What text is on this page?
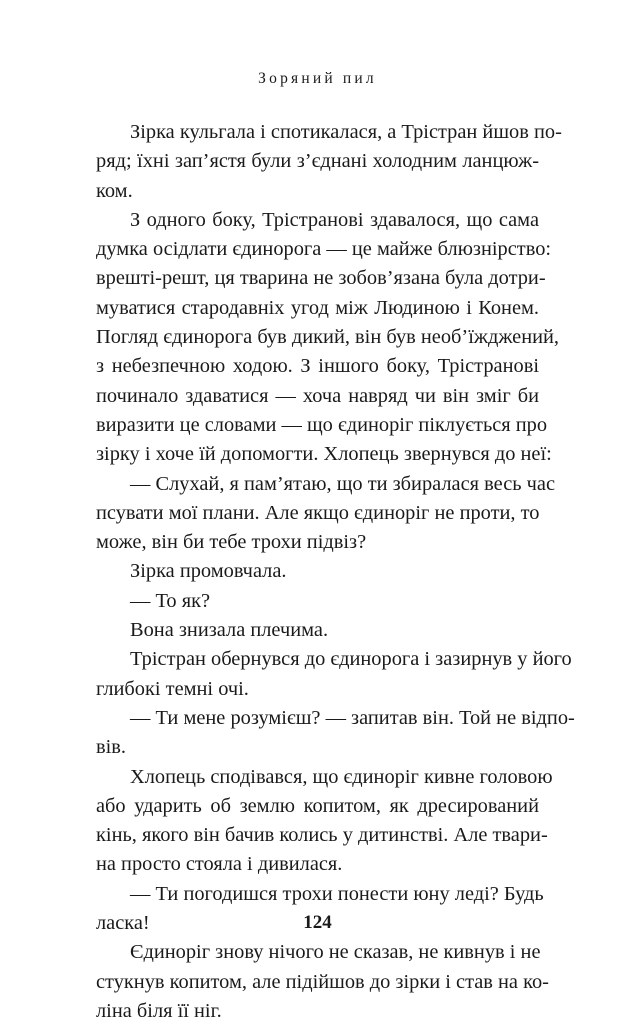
Зоряний пил

Зірка кульгала і спотикалася, а Трістран йшов по-
ряд; їхні зап’ястя були з’єднані холодним ланцюж-
ком.

З одного боку, Трістранові здавалося, що сама
думка осідлати єдинорога — це майже блюзнірство:
врешті-решт, ця тварина не зобов’язана була дотри-
муватися стародавніх угод між Людиною і Конем.
Погляд єдинорога був дикий, він був необ’їжджений,
з небезпечною ходою. З іншого боку, Трістранові
починало здаватися — хоча навряд чи він зміг би
виразити це словами — що єдиноріг піклується про
зірку і хоче їй допомогти. Хлопець звернувся до неї:

— Слухай, я пам’ятаю, що ти збиралася весь час
псувати мої плани. Але якщо єдиноріг не проти, то
може, він би тебе трохи підвіз?

Зірка промовчала.

— То як?

Вона знизала плечима.

Трістран обернувся до єдинорога і зазирнув у його
глибокі темні очі.

— Ти мене розумієш? — запитав він. Той не відпо-
вів.

Хлопець сподівався, що єдиноріг кивне головою
або ударить об землю копитом, як дресирований
кінь, якого він бачив колись у дитинстві. Але твари-
на просто стояла і дивилася.

— Ти погодишся трохи понести юну леді? Будь
ласка!

Єдиноріг знову нічого не сказав, не кивнув і не
стукнув копитом, але підійшов до зірки і став на ко-
ліна біля її ніг.

124
